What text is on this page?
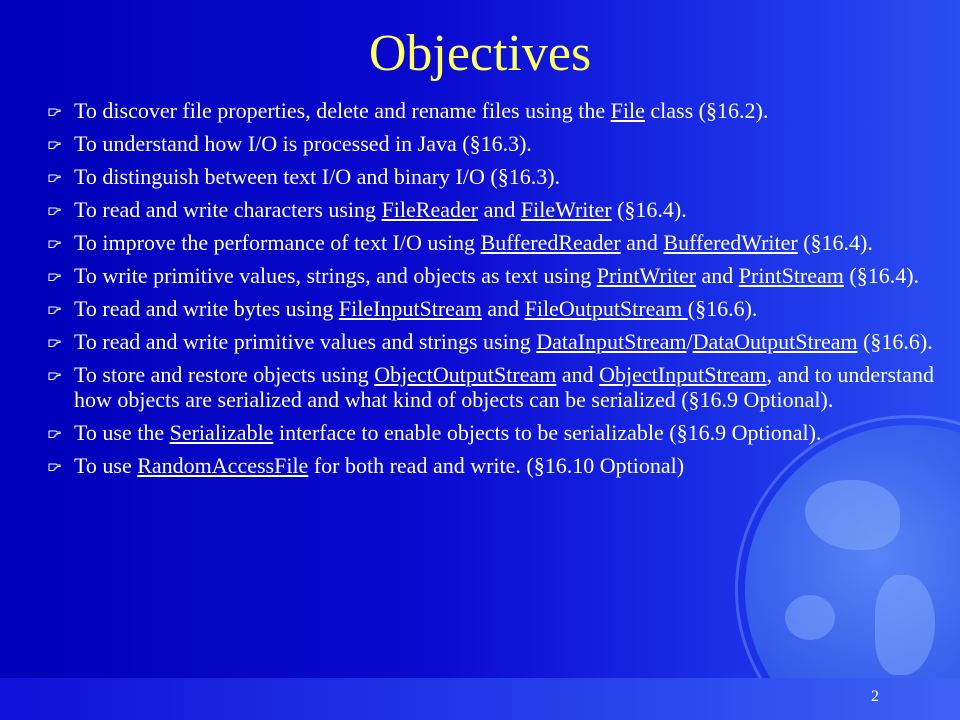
Objectives
To discover file properties, delete and rename files using the File class (§16.2).
To understand how I/O is processed in Java (§16.3).
To distinguish between text I/O and binary I/O (§16.3).
To read and write characters using FileReader and FileWriter (§16.4).
To improve the performance of text I/O using BufferedReader and BufferedWriter (§16.4).
To write primitive values, strings, and objects as text using PrintWriter and PrintStream (§16.4).
To read and write bytes using FileInputStream and FileOutputStream (§16.6).
To read and write primitive values and strings using DataInputStream/DataOutputStream (§16.6).
To store and restore objects using ObjectOutputStream and ObjectInputStream, and to understand how objects are serialized and what kind of objects can be serialized (§16.9 Optional).
To use the Serializable interface to enable objects to be serializable (§16.9 Optional).
To use RandomAccessFile for both read and write. (§16.10 Optional)
2
